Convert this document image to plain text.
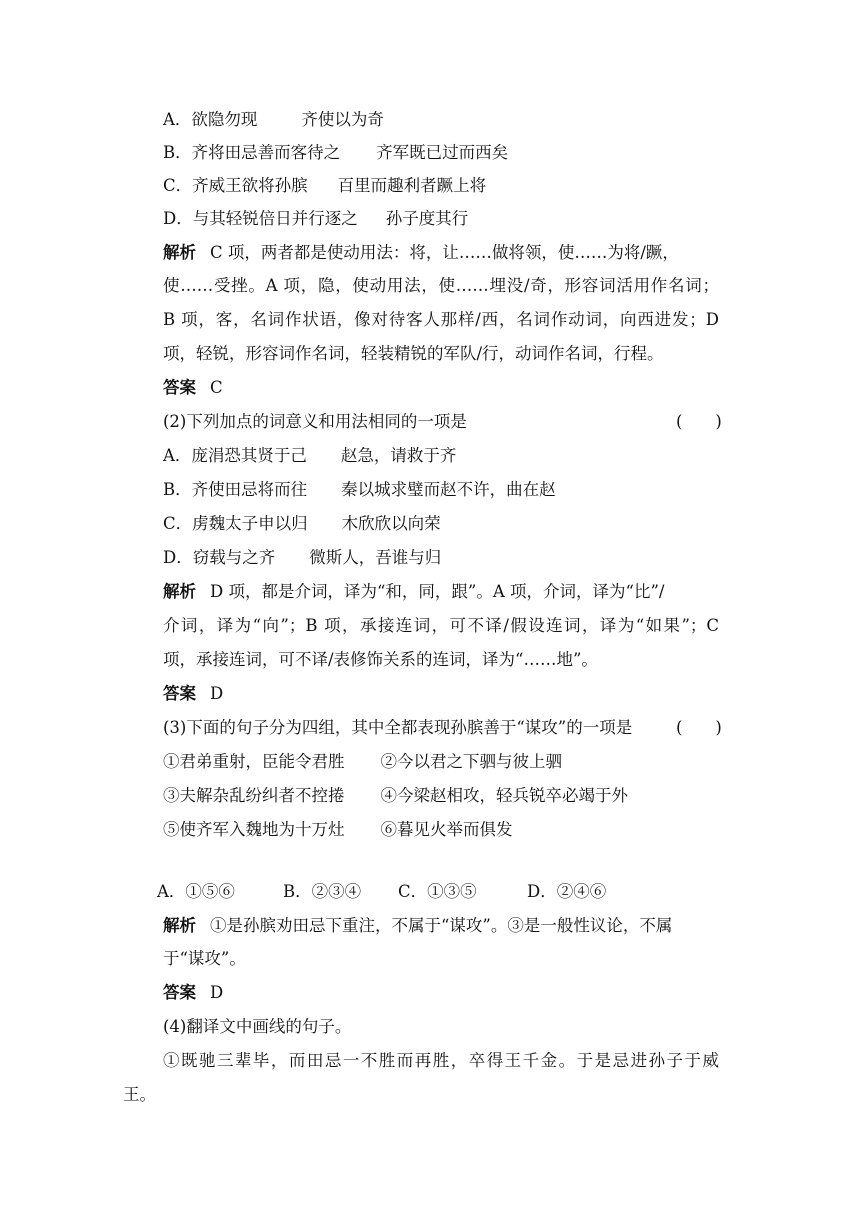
A．欲隐勿现	齐使以为奇
B．齐将田忌善而客待之 齐军既已过而西矣
C．齐威王欲将孙膑 百里而趣利者蹶上将
D．与其轻锐倍日并行逐之 孙子度其行
解析 C 项，两者都是使动用法：将，让……做将领，使……为将/蹶，
使……受挫。A 项，隐，使动用法，使……埋没/奇，形容词活用作名词；
B 项，客，名词作状语，像对待客人那样/西，名词作动词，向西进发；D
项，轻锐，形容词作名词，轻装精锐的军队/行，动词作名词，行程。
答案 C
(2)下列加点的词意义和用法相同的一项是	(　　)
A．庞涓恐其贤于己 赵急，请救于齐
B．齐使田忌将而往 秦以城求璧而赵不许，曲在赵
C．虏魏太子申以归 木欣欣以向荣
D．窃载与之齐 微斯人，吾谁与归
解析 D 项，都是介词，译为“和，同，跟”。A 项，介词，译为“比”/
介词，译为“向”；B 项，承接连词，可不译/假设连词，译为“如果”；C
项，承接连词，可不译/表修饰关系的连词，译为“……地”。
答案 D
(3)下面的句子分为四组，其中全都表现孙膑善于“谋攻”的一项是	(　　)
①君弟重射，臣能令君胜 ②今以君之下驷与彼上驷
③夫解杂乱纷纠者不控捲 ④今梁赵相攻，轻兵锐卒必竭于外
⑤使齐军入魏地为十万灶 ⑥暮见火举而俱发
A．①⑤⑥	B．②③④ C．①③⑤	D．②④⑥
解析 ①是孙膑劝田忌下重注，不属于“谋攻”。③是一般性议论，不属
于“谋攻”。
答案 D
(4)翻译文中画线的句子。
①既驰三辈毕，而田忌一不胜而再胜，卒得王千金。于是忌进孙子于威
王。
